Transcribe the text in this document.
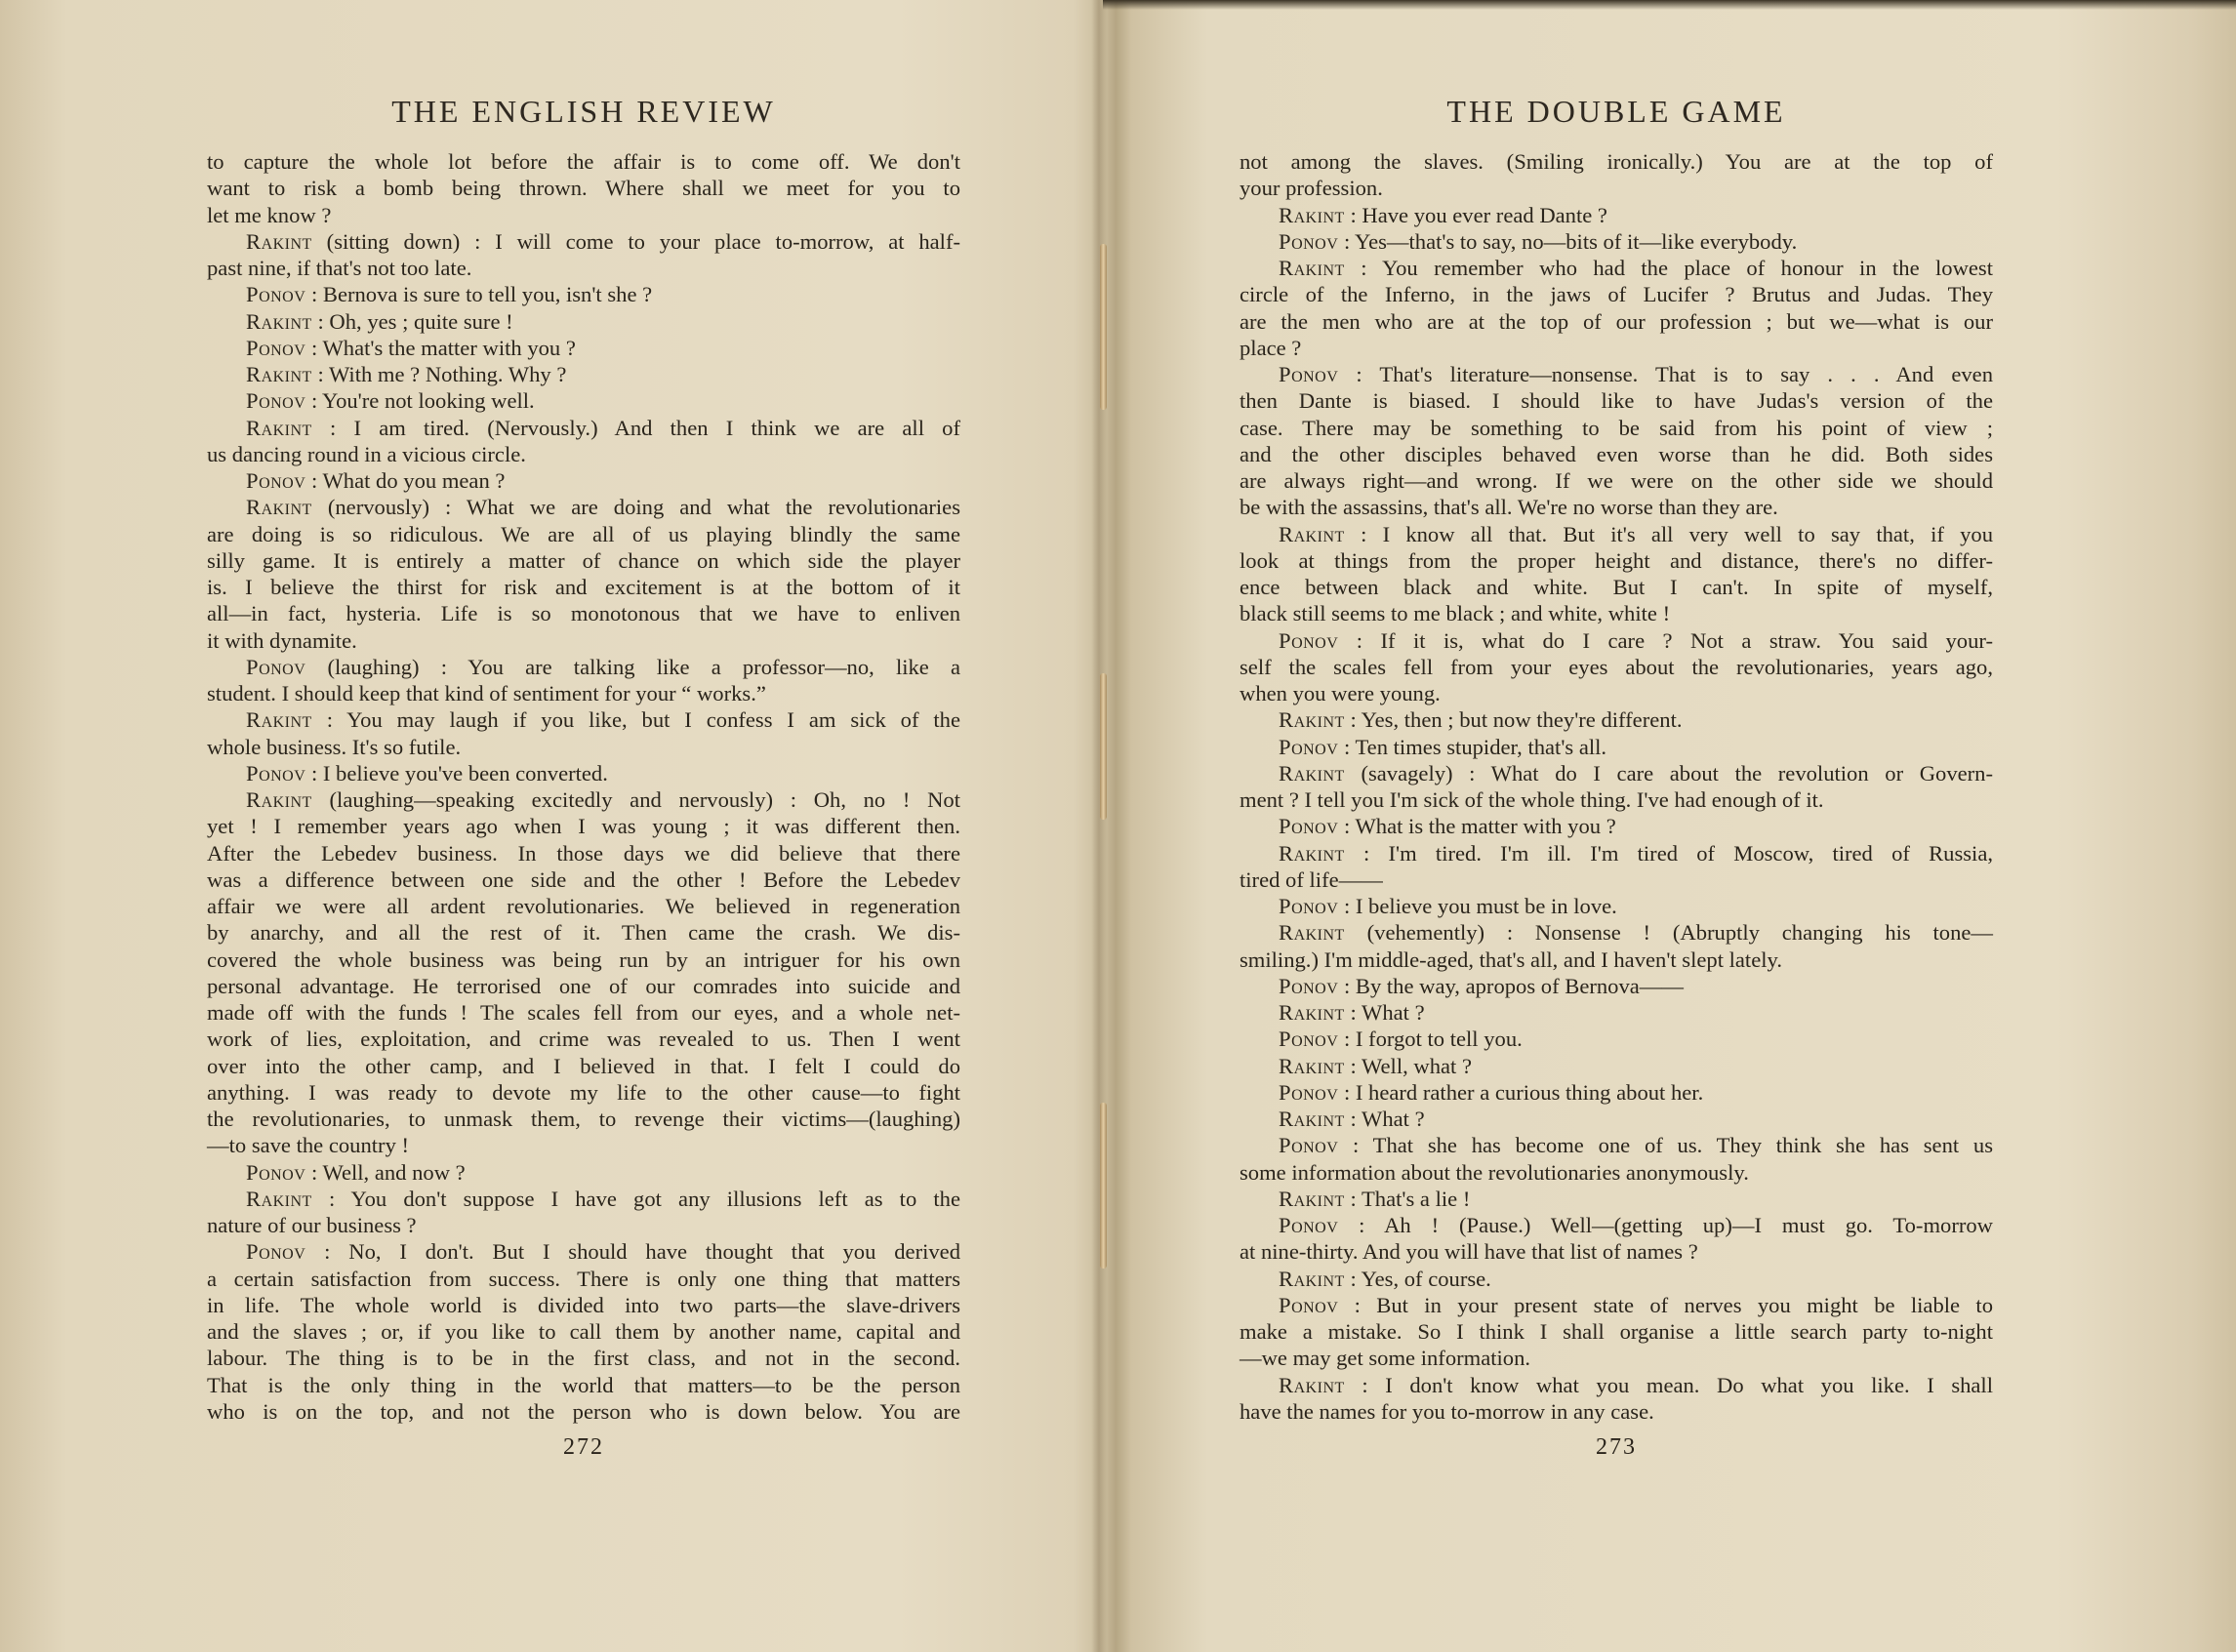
THE ENGLISH REVIEW
to capture the whole lot before the affair is to come off. We don't
want to risk a bomb being thrown. Where shall we meet for you to
let me know ?
Rakint (sitting down) : I will come to your place to-morrow, at half-
past nine, if that's not too late.
Ponov : Bernova is sure to tell you, isn't she ?
Rakint : Oh, yes ; quite sure !
Ponov : What's the matter with you ?
Rakint : With me ? Nothing. Why ?
Ponov : You're not looking well.
Rakint : I am tired. (Nervously.) And then I think we are all of
us dancing round in a vicious circle.
Ponov : What do you mean ?
Rakint (nervously) : What we are doing and what the revolutionaries
are doing is so ridiculous. We are all of us playing blindly the same
silly game. It is entirely a matter of chance on which side the player
is. I believe the thirst for risk and excitement is at the bottom of it
all—in fact, hysteria. Life is so monotonous that we have to enliven
it with dynamite.
Ponov (laughing) : You are talking like a professor—no, like a
student. I should keep that kind of sentiment for your “ works.”
Rakint : You may laugh if you like, but I confess I am sick of the
whole business. It's so futile.
Ponov : I believe you've been converted.
Rakint (laughing—speaking excitedly and nervously) : Oh, no ! Not
yet ! I remember years ago when I was young ; it was different then.
After the Lebedev business. In those days we did believe that there
was a difference between one side and the other ! Before the Lebedev
affair we were all ardent revolutionaries. We believed in regeneration
by anarchy, and all the rest of it. Then came the crash. We dis-
covered the whole business was being run by an intriguer for his own
personal advantage. He terrorised one of our comrades into suicide and
made off with the funds ! The scales fell from our eyes, and a whole net-
work of lies, exploitation, and crime was revealed to us. Then I went
over into the other camp, and I believed in that. I felt I could do
anything. I was ready to devote my life to the other cause—to fight
the revolutionaries, to unmask them, to revenge their victims—(laughing)
—to save the country !
Ponov : Well, and now ?
Rakint : You don't suppose I have got any illusions left as to the
nature of our business ?
Ponov : No, I don't. But I should have thought that you derived
a certain satisfaction from success. There is only one thing that matters
in life. The whole world is divided into two parts—the slave-drivers
and the slaves ; or, if you like to call them by another name, capital and
labour. The thing is to be in the first class, and not in the second.
That is the only thing in the world that matters—to be the person
who is on the top, and not the person who is down below. You are
272
THE DOUBLE GAME
not among the slaves. (Smiling ironically.) You are at the top of
your profession.
Rakint : Have you ever read Dante ?
Ponov : Yes—that's to say, no—bits of it—like everybody.
Rakint : You remember who had the place of honour in the lowest
circle of the Inferno, in the jaws of Lucifer ? Brutus and Judas. They
are the men who are at the top of our profession ; but we—what is our
place ?
Ponov : That's literature—nonsense. That is to say . . . And even
then Dante is biased. I should like to have Judas's version of the
case. There may be something to be said from his point of view ;
and the other disciples behaved even worse than he did. Both sides
are always right—and wrong. If we were on the other side we should
be with the assassins, that's all. We're no worse than they are.
Rakint : I know all that. But it's all very well to say that, if you
look at things from the proper height and distance, there's no differ-
ence between black and white. But I can't. In spite of myself,
black still seems to me black ; and white, white !
Ponov : If it is, what do I care ? Not a straw. You said your-
self the scales fell from your eyes about the revolutionaries, years ago,
when you were young.
Rakint : Yes, then ; but now they're different.
Ponov : Ten times stupider, that's all.
Rakint (savagely) : What do I care about the revolution or Govern-
ment ? I tell you I'm sick of the whole thing. I've had enough of it.
Ponov : What is the matter with you ?
Rakint : I'm tired. I'm ill. I'm tired of Moscow, tired of Russia,
tired of life——
Ponov : I believe you must be in love.
Rakint (vehemently) : Nonsense ! (Abruptly changing his tone—
smiling.) I'm middle-aged, that's all, and I haven't slept lately.
Ponov : By the way, apropos of Bernova——
Rakint : What ?
Ponov : I forgot to tell you.
Rakint : Well, what ?
Ponov : I heard rather a curious thing about her.
Rakint : What ?
Ponov : That she has become one of us. They think she has sent us
some information about the revolutionaries anonymously.
Rakint : That's a lie !
Ponov : Ah ! (Pause.) Well—(getting up)—I must go. To-morrow
at nine-thirty. And you will have that list of names ?
Rakint : Yes, of course.
Ponov : But in your present state of nerves you might be liable to
make a mistake. So I think I shall organise a little search party to-night
—we may get some information.
Rakint : I don't know what you mean. Do what you like. I shall
have the names for you to-morrow in any case.
273
